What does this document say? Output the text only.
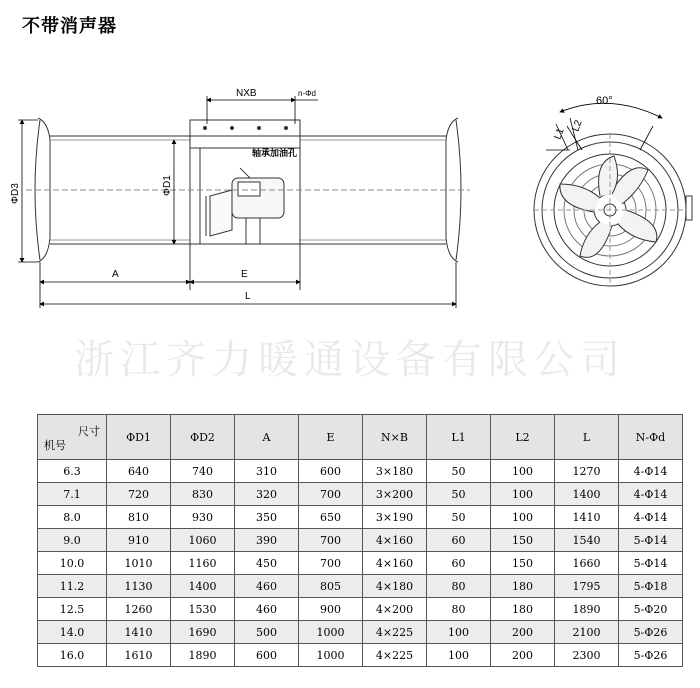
不带消声器
NXB	n-Φd
轴承加油孔
ΦD1
ΦD3
A	E
L
60°
L1
L2
浙江齐力暖通设备有限公司
尺寸
机号	ΦD1	ΦD2	A	E	N×B	L1	L2	L	N-Φd
6.3	640	740	310	600	3×180	50	100	1270	4-Φ14
7.1	720	830	320	700	3×200	50	100	1400	4-Φ14
8.0	810	930	350	650	3×190	50	100	1410	4-Φ14
9.0	910	1060	390	700	4×160	60	150	1540	5-Φ14
10.0	1010	1160	450	700	4×160	60	150	1660	5-Φ14
11.2	1130	1400	460	805	4×180	80	180	1795	5-Φ18
12.5	1260	1530	460	900	4×200	80	180	1890	5-Φ20
14.0	1410	1690	500	1000	4×225	100	200	2100	5-Φ26
16.0	1610	1890	600	1000	4×225	100	200	2300	5-Φ26
